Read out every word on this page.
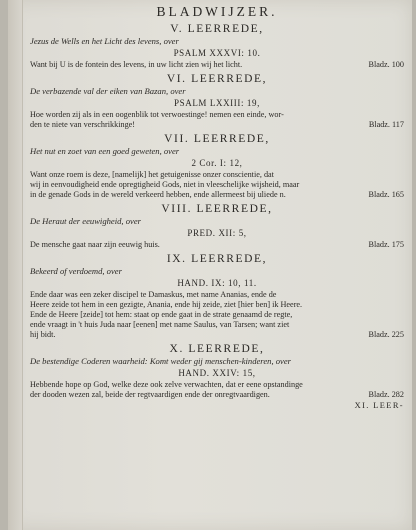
BLADWIJZER.
V. LEERREDE,
Jezus de Wells en het Licht des levens, over
PSALM XXXVI: 10.
Want bij U is de fontein des levens, in uw licht zien wij het licht.	Bladz. 100
VI. LEERREDE,
De verbazende val der eiken van Bazan, over
PSALM LXXIII: 19,
Hoe worden zij als in een oogenblik tot verwoestinge! nemen een einde, wor-
den te niete van verschrikkinge!	Bladz. 117
VII. LEERREDE,
Het nut en zoet van een goed geweten, over
2 Cor. I: 12,
Want onze roem is deze, [namelijk] het getuigenisse onzer conscientie, dat
wij in eenvoudigheid ende opregtigheid Gods, niet in vleeschelijke wijsheid, maar
in de genade Gods in de wereld verkeerd hebben, ende allermeest bij uliede n.	Bladz. 165
VIII. LEERREDE,
De Heraut der eeuwigheid, over
PRED. XII: 5,
De mensche gaat naar zijn eeuwig huis.	Bladz. 175
IX. LEERREDE,
Bekeerd of verdoemd, over
HAND. IX: 10, 11.
Ende daar was een zeker discipel te Damaskus, met name Ananias, ende de
Heere zeide tot hem in een gezigte, Anania, ende hij zeide, ziet [hier ben] ik Heere.
Ende de Heere [zeide] tot hem: staat op ende gaat in de strate genaamd de regte,
ende vraagt in 't huis Juda naar [eenen] met name Saulus, van Tarsen; want ziet
hij bidt.	Bladz. 225
X. LEERREDE,
De bestendige Coderen waarheid: Komt weder gij menschen-kinderen, over
HAND. XXIV: 15,
Hebbende hope op God, welke deze ook zelve verwachten, dat er eene opstandinge
der dooden wezen zal, beide der regtvaardigen ende der onregtvaardigen.	Bladz. 282
XI. LEER-
